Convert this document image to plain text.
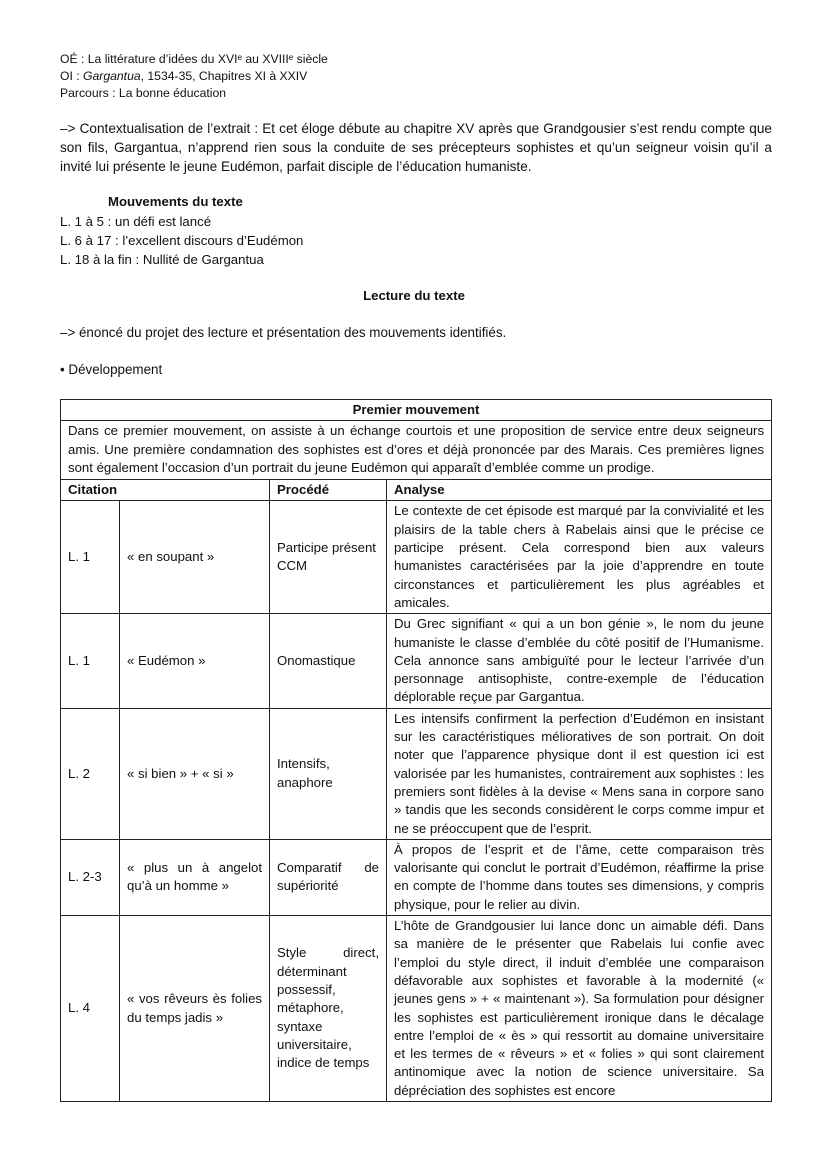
OÉ : La littérature d’idées du XVIᵉ au XVIIIᵉ siècle
OI : Gargantua, 1534-35, Chapitres XI à XXIV
Parcours : La bonne éducation
–> Contextualisation de l’extrait : Et cet éloge débute au chapitre XV après que Grandgousier s’est rendu compte que son fils, Gargantua, n’apprend rien sous la conduite de ses précepteurs sophistes et qu’un seigneur voisin qu’il a invité lui présente le jeune Eudémon, parfait disciple de l’éducation humaniste.
Mouvements du texte
L. 1 à 5 : un défi est lancé
L. 6 à 17 : l’excellent discours d’Eudémon
L. 18 à la fin : Nullité de Gargantua
Lecture du texte
–> énoncé du projet des lecture et présentation des mouvements identifiés.
• Développement
Premier mouvement			
Dans ce premier mouvement, on assiste à un échange courtois et une proposition de service entre deux seigneurs amis. Une première condamnation des sophistes est d’ores et déjà prononcée par des Marais. Ces premières lignes sont également l’occasion d’un portrait du jeune Eudémon qui apparaît d’emblée comme un prodige.			
Citation		Procédé	Analyse
L. 1	« en soupant »	Participe présent CCM	Le contexte de cet épisode est marqué par la convivialité et les plaisirs de la table chers à Rabelais ainsi que le précise ce participe présent. Cela correspond bien aux valeurs humanistes caractérisées par la joie d’apprendre en toute circonstances et particulièrement les plus agréables et amicales.
L. 1	« Eudémon »	Onomastique	Du Grec signifiant « qui a un bon génie », le nom du jeune humaniste le classe d’emblée du côté positif de l’Humanisme. Cela annonce sans ambiguïté pour le lecteur l’arrivée d’un personnage antisophiste, contre-exemple de l’éducation déplorable reçue par Gargantua.
L. 2	« si bien » + « si »	Intensifs, anaphore	Les intensifs confirment la perfection d’Eudémon en insistant sur les caractéristiques mélioratives de son portrait. On doit noter que l’apparence physique dont il est question ici est valorisée par les humanistes, contrairement aux sophistes : les premiers sont fidèles à la devise « Mens sana in corpore sano » tandis que les seconds considèrent le corps comme impur et ne se préoccupent que de l’esprit.
L. 2-3	« plus un à angelot qu’à un homme »	Comparatif de supériorité	À propos de l’esprit et de l’âme, cette comparaison très valorisante qui conclut le portrait d’Eudémon, réaffirme la prise en compte de l’homme dans toutes ses dimensions, y compris physique, pour le relier au divin.
L. 4	« vos rêveurs ès folies du temps jadis »	Style direct, déterminant possessif, métaphore, syntaxe universitaire, indice de temps	L’hôte de Grandgousier lui lance donc un aimable défi. Dans sa manière de le présenter que Rabelais lui confie avec l’emploi du style direct, il induit d’emblée une comparaison défavorable aux sophistes et favorable à la modernité (« jeunes gens » + « maintenant »). Sa formulation pour désigner les sophistes est particulièrement ironique dans le décalage entre l’emploi de « ès » qui ressortit au domaine universitaire et les termes de « rêveurs » et « folies » qui sont clairement antinomique avec la notion de science universitaire. Sa dépréciation des sophistes est encore
